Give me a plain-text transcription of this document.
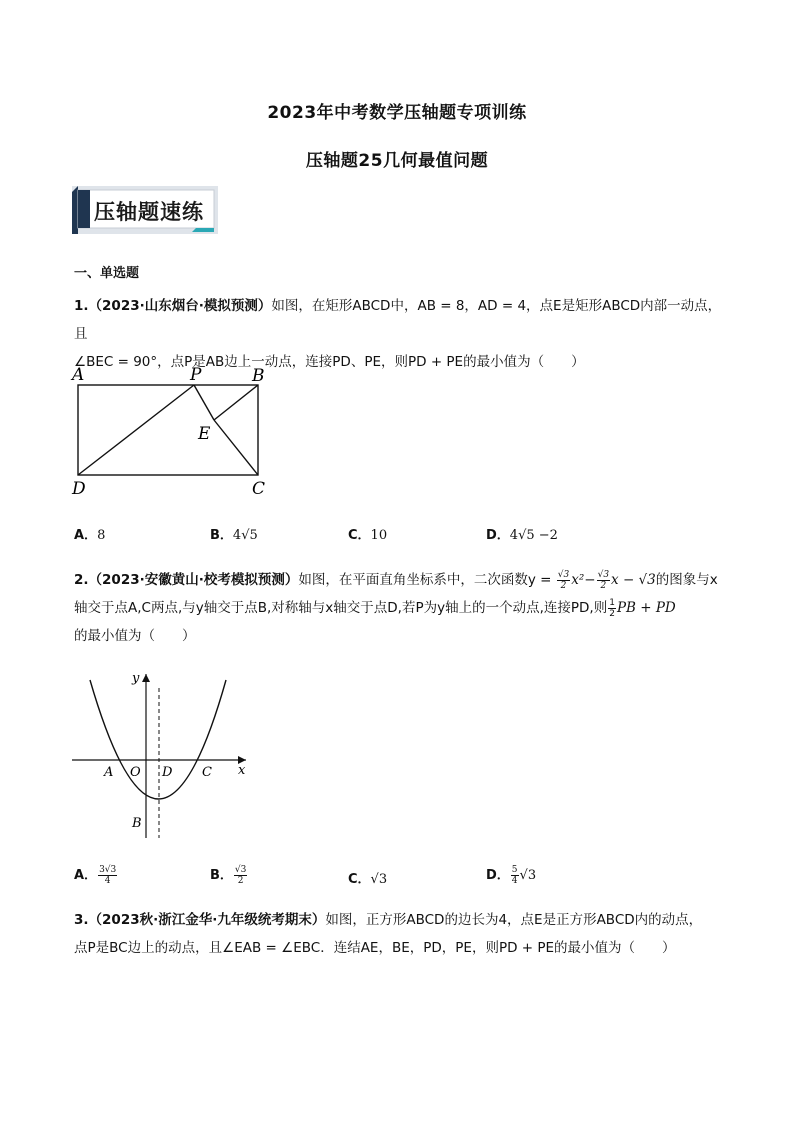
2023年中考数学压轴题专项训练
压轴题25几何最值问题
压轴题速练
一、单选题
1.（2023·山东烟台·模拟预测）如图，在矩形ABCD中，AB = 8，AD = 4，点E是矩形ABCD内部一动点，且
∠BEC = 90°，点P是AB边上一动点，连接PD、PE，则PD + PE的最小值为（　　）
A	P	B
E
D	C
A．8	B．4√5	C．10	D．4√5 −2
2.（2023·安徽黄山·校考模拟预测）如图，在平面直角坐标系中，二次函数$y = \frac{√3}{2} x^2- \frac{√3}{2}$ x − √3的图象与x
轴交于点A,C两点,与y轴交于点B,对称轴与x轴交于点D,若P为y轴上的一个动点,连接PD,则 $\frac{1}{2}$ PB + PD
的最小值为（　　）
y
x
A O D C
B
A． $\frac{3√3}{4}$	B． $\frac{√3}{2}$	C．√3	D． $\frac{5}{4} √3$
3.（2023秋·浙江金华·九年级统考期末）如图，正方形ABCD的边长为4，点E是正方形ABCD内的动点，
点P是BC边上的动点，且∠EAB = ∠EBC．连结AE，BE，PD，PE，则PD + PE的最小值为（　　）
